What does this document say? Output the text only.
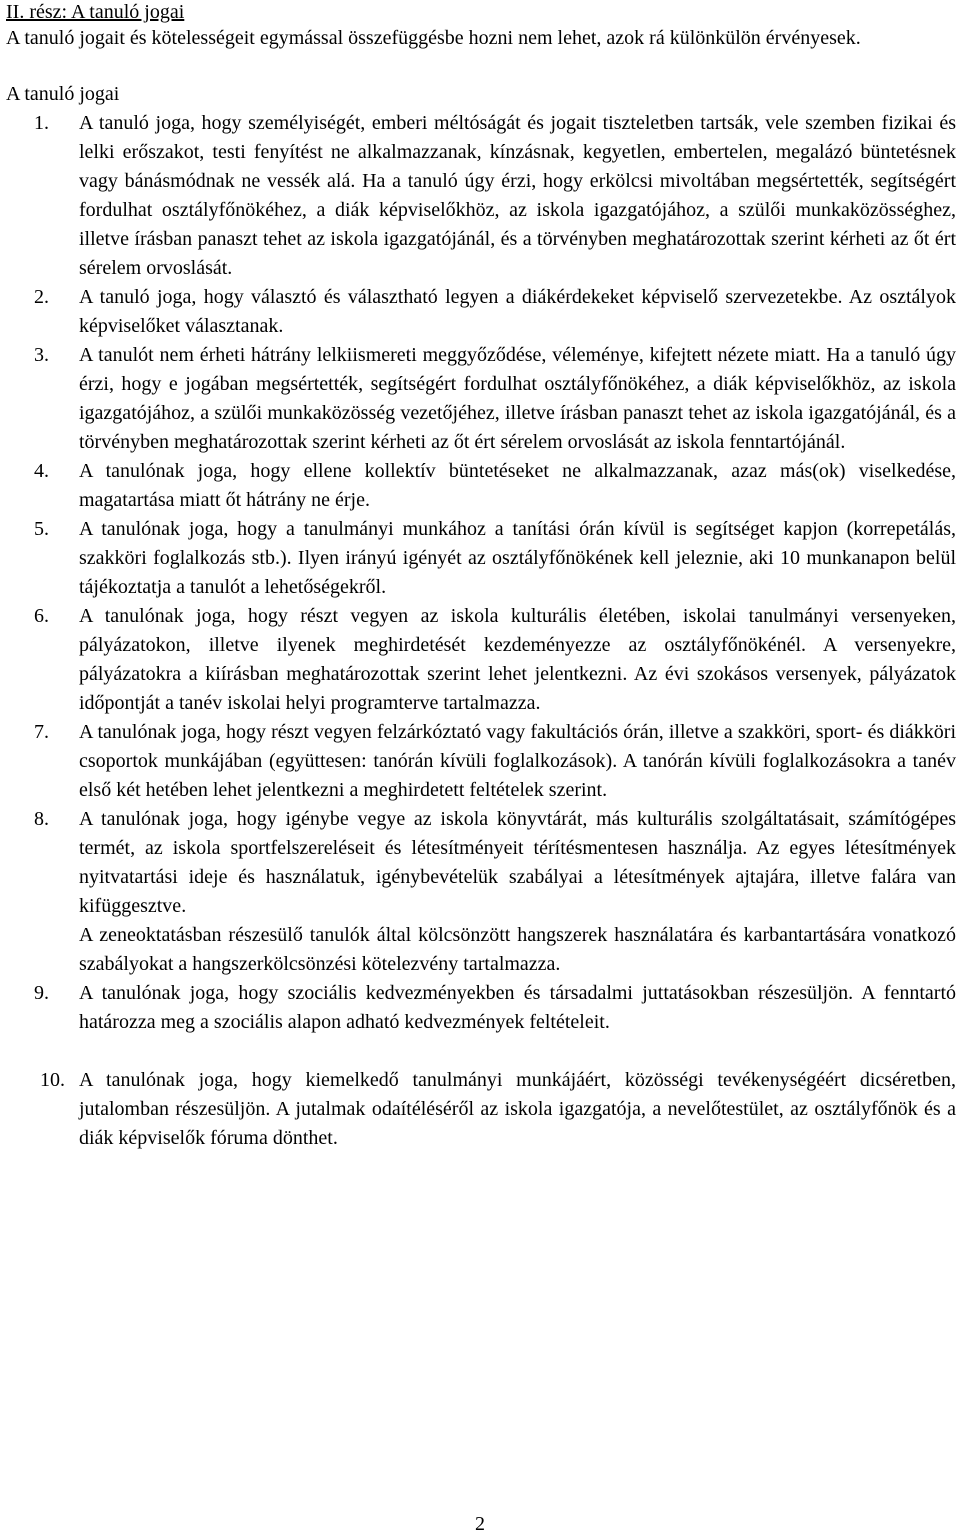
II. rész: A tanuló jogai

A tanuló jogait és kötelességeit egymással összefüggésbe hozni nem lehet, azok rá különkülön érvényesek.

A tanuló jogai

1.	A tanuló joga, hogy személyiségét, emberi méltóságát és jogait tiszteletben tartsák, vele szemben fizikai és lelki erőszakot, testi fenyítést ne alkalmazzanak, kínzásnak, kegyetlen, embertelen, megalázó büntetésnek vagy bánásmódnak ne vessék alá. Ha a tanuló úgy érzi, hogy erkölcsi mivoltában megsértették, segítségért fordulhat osztályfőnökéhez, a diák képviselőkhöz, az iskola igazgatójához, a szülői munkaközösséghez, illetve írásban panaszt tehet az iskola igazgatójánál, és a törvényben meghatározottak szerint kérheti az őt ért sérelem orvoslását.

2.	A tanuló joga, hogy választó és választható legyen a diákérdekeket képviselő szervezetekbe. Az osztályok képviselőket választanak.

3.	A tanulót nem érheti hátrány lelkiismereti meggyőződése, véleménye, kifejtett nézete miatt. Ha a tanuló úgy érzi, hogy e jogában megsértették, segítségért fordulhat osztályfőnökéhez, a diák képviselőkhöz, az iskola igazgatójához, a szülői munkaközösség vezetőjéhez, illetve írásban panaszt tehet az iskola igazgatójánál, és a törvényben meghatározottak szerint kérheti az őt ért sérelem orvoslását az iskola fenntartójánál.

4.	A tanulónak joga, hogy ellene kollektív büntetéseket ne alkalmazzanak, azaz más(ok) viselkedése, magatartása miatt őt hátrány ne érje.

5.	A tanulónak joga, hogy a tanulmányi munkához a tanítási órán kívül is segítséget kapjon (korrepetálás, szakköri foglalkozás stb.). Ilyen irányú igényét az osztályfőnökének kell jeleznie, aki 10 munkanapon belül tájékoztatja a tanulót a lehetőségekről.

6.	A tanulónak joga, hogy részt vegyen az iskola kulturális életében, iskolai tanulmányi versenyeken, pályázatokon, illetve ilyenek meghirdetését kezdeményezze az osztályfőnökénél. A versenyekre, pályázatokra a kiírásban meghatározottak szerint lehet jelentkezni. Az évi szokásos versenyek, pályázatok időpontját a tanév iskolai helyi programterve tartalmazza.

7.	A tanulónak joga, hogy részt vegyen felzárkóztató vagy fakultációs órán, illetve a szakköri, sport- és diákköri csoportok munkájában (együttesen: tanórán kívüli foglalkozások). A tanórán kívüli foglalkozásokra a tanév első két hetében lehet jelentkezni a meghirdetett feltételek szerint.

8.	A tanulónak joga, hogy igénybe vegye az iskola könyvtárát, más kulturális szolgáltatásait, számítógépes termét, az iskola sportfelszereléseit és létesítményeit térítésmentesen használja. Az egyes létesítmények nyitvatartási ideje és használatuk, igénybevételük szabályai a létesítmények ajtajára, illetve falára van kifüggesztve.

A zeneoktatásban részesülő tanulók által kölcsönzött hangszerek használatára és karbantartására vonatkozó szabályokat a hangszerkölcsönzési kötelezvény tartalmazza.

9.	A tanulónak joga, hogy szociális kedvezményekben és társadalmi juttatásokban részesüljön. A fenntartó határozza meg a szociális alapon adható kedvezmények feltételeit.

10. A tanulónak joga, hogy kiemelkedő tanulmányi munkájáért, közösségi tevékenységéért dicséretben, jutalomban részesüljön. A jutalmak odaítéléséről az iskola igazgatója, a nevelőtestület, az osztályfőnök és a diák képviselők fóruma dönthet.

2
